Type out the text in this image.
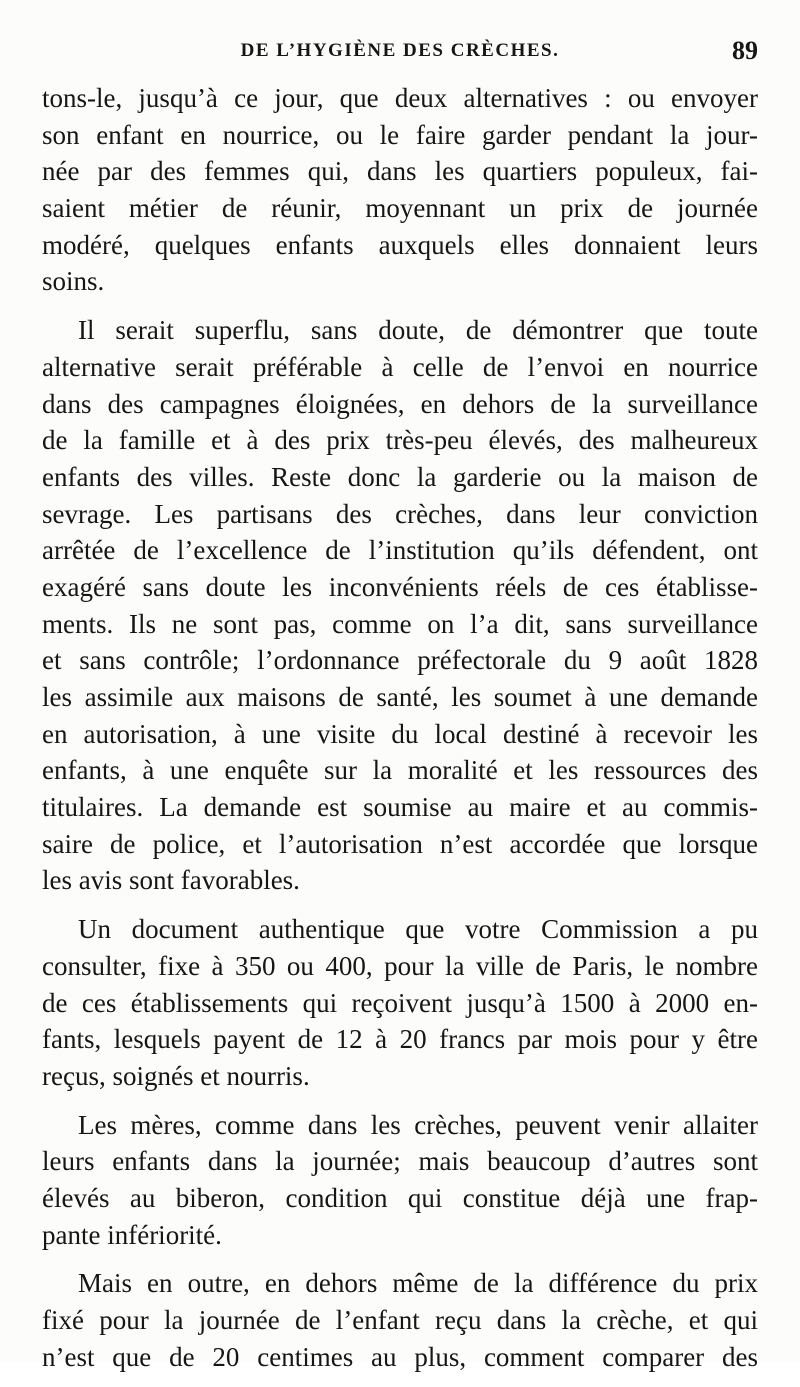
DE L’HYGIÈNE DES CRÈCHES.	89
tons-le, jusqu’à ce jour, que deux alternatives : ou envoyer
son enfant en nourrice, ou le faire garder pendant la jour-
née par des femmes qui, dans les quartiers populeux, fai-
saient métier de réunir, moyennant un prix de journée
modéré, quelques enfants auxquels elles donnaient leurs
soins.
Il serait superflu, sans doute, de démontrer que toute
alternative serait préférable à celle de l’envoi en nourrice
dans des campagnes éloignées, en dehors de la surveillance
de la famille et à des prix très-peu élevés, des malheureux
enfants des villes. Reste donc la garderie ou la maison de
sevrage. Les partisans des crèches, dans leur conviction
arrêtée de l’excellence de l’institution qu’ils défendent, ont
exagéré sans doute les inconvénients réels de ces établisse-
ments. Ils ne sont pas, comme on l’a dit, sans surveillance
et sans contrôle; l’ordonnance préfectorale du 9 août 1828
les assimile aux maisons de santé, les soumet à une demande
en autorisation, à une visite du local destiné à recevoir les
enfants, à une enquête sur la moralité et les ressources des
titulaires. La demande est soumise au maire et au commis-
saire de police, et l’autorisation n’est accordée que lorsque
les avis sont favorables.
Un document authentique que votre Commission a pu
consulter, fixe à 350 ou 400, pour la ville de Paris, le nombre
de ces établissements qui reçoivent jusqu’à 1500 à 2000 en-
fants, lesquels payent de 12 à 20 francs par mois pour y être
reçus, soignés et nourris.
Les mères, comme dans les crèches, peuvent venir allaiter
leurs enfants dans la journée; mais beaucoup d’autres sont
élevés au biberon, condition qui constitue déjà une frap-
pante infériorité.
Mais en outre, en dehors même de la différence du prix
fixé pour la journée de l’enfant reçu dans la crèche, et qui
n’est que de 20 centimes au plus, comment comparer des
